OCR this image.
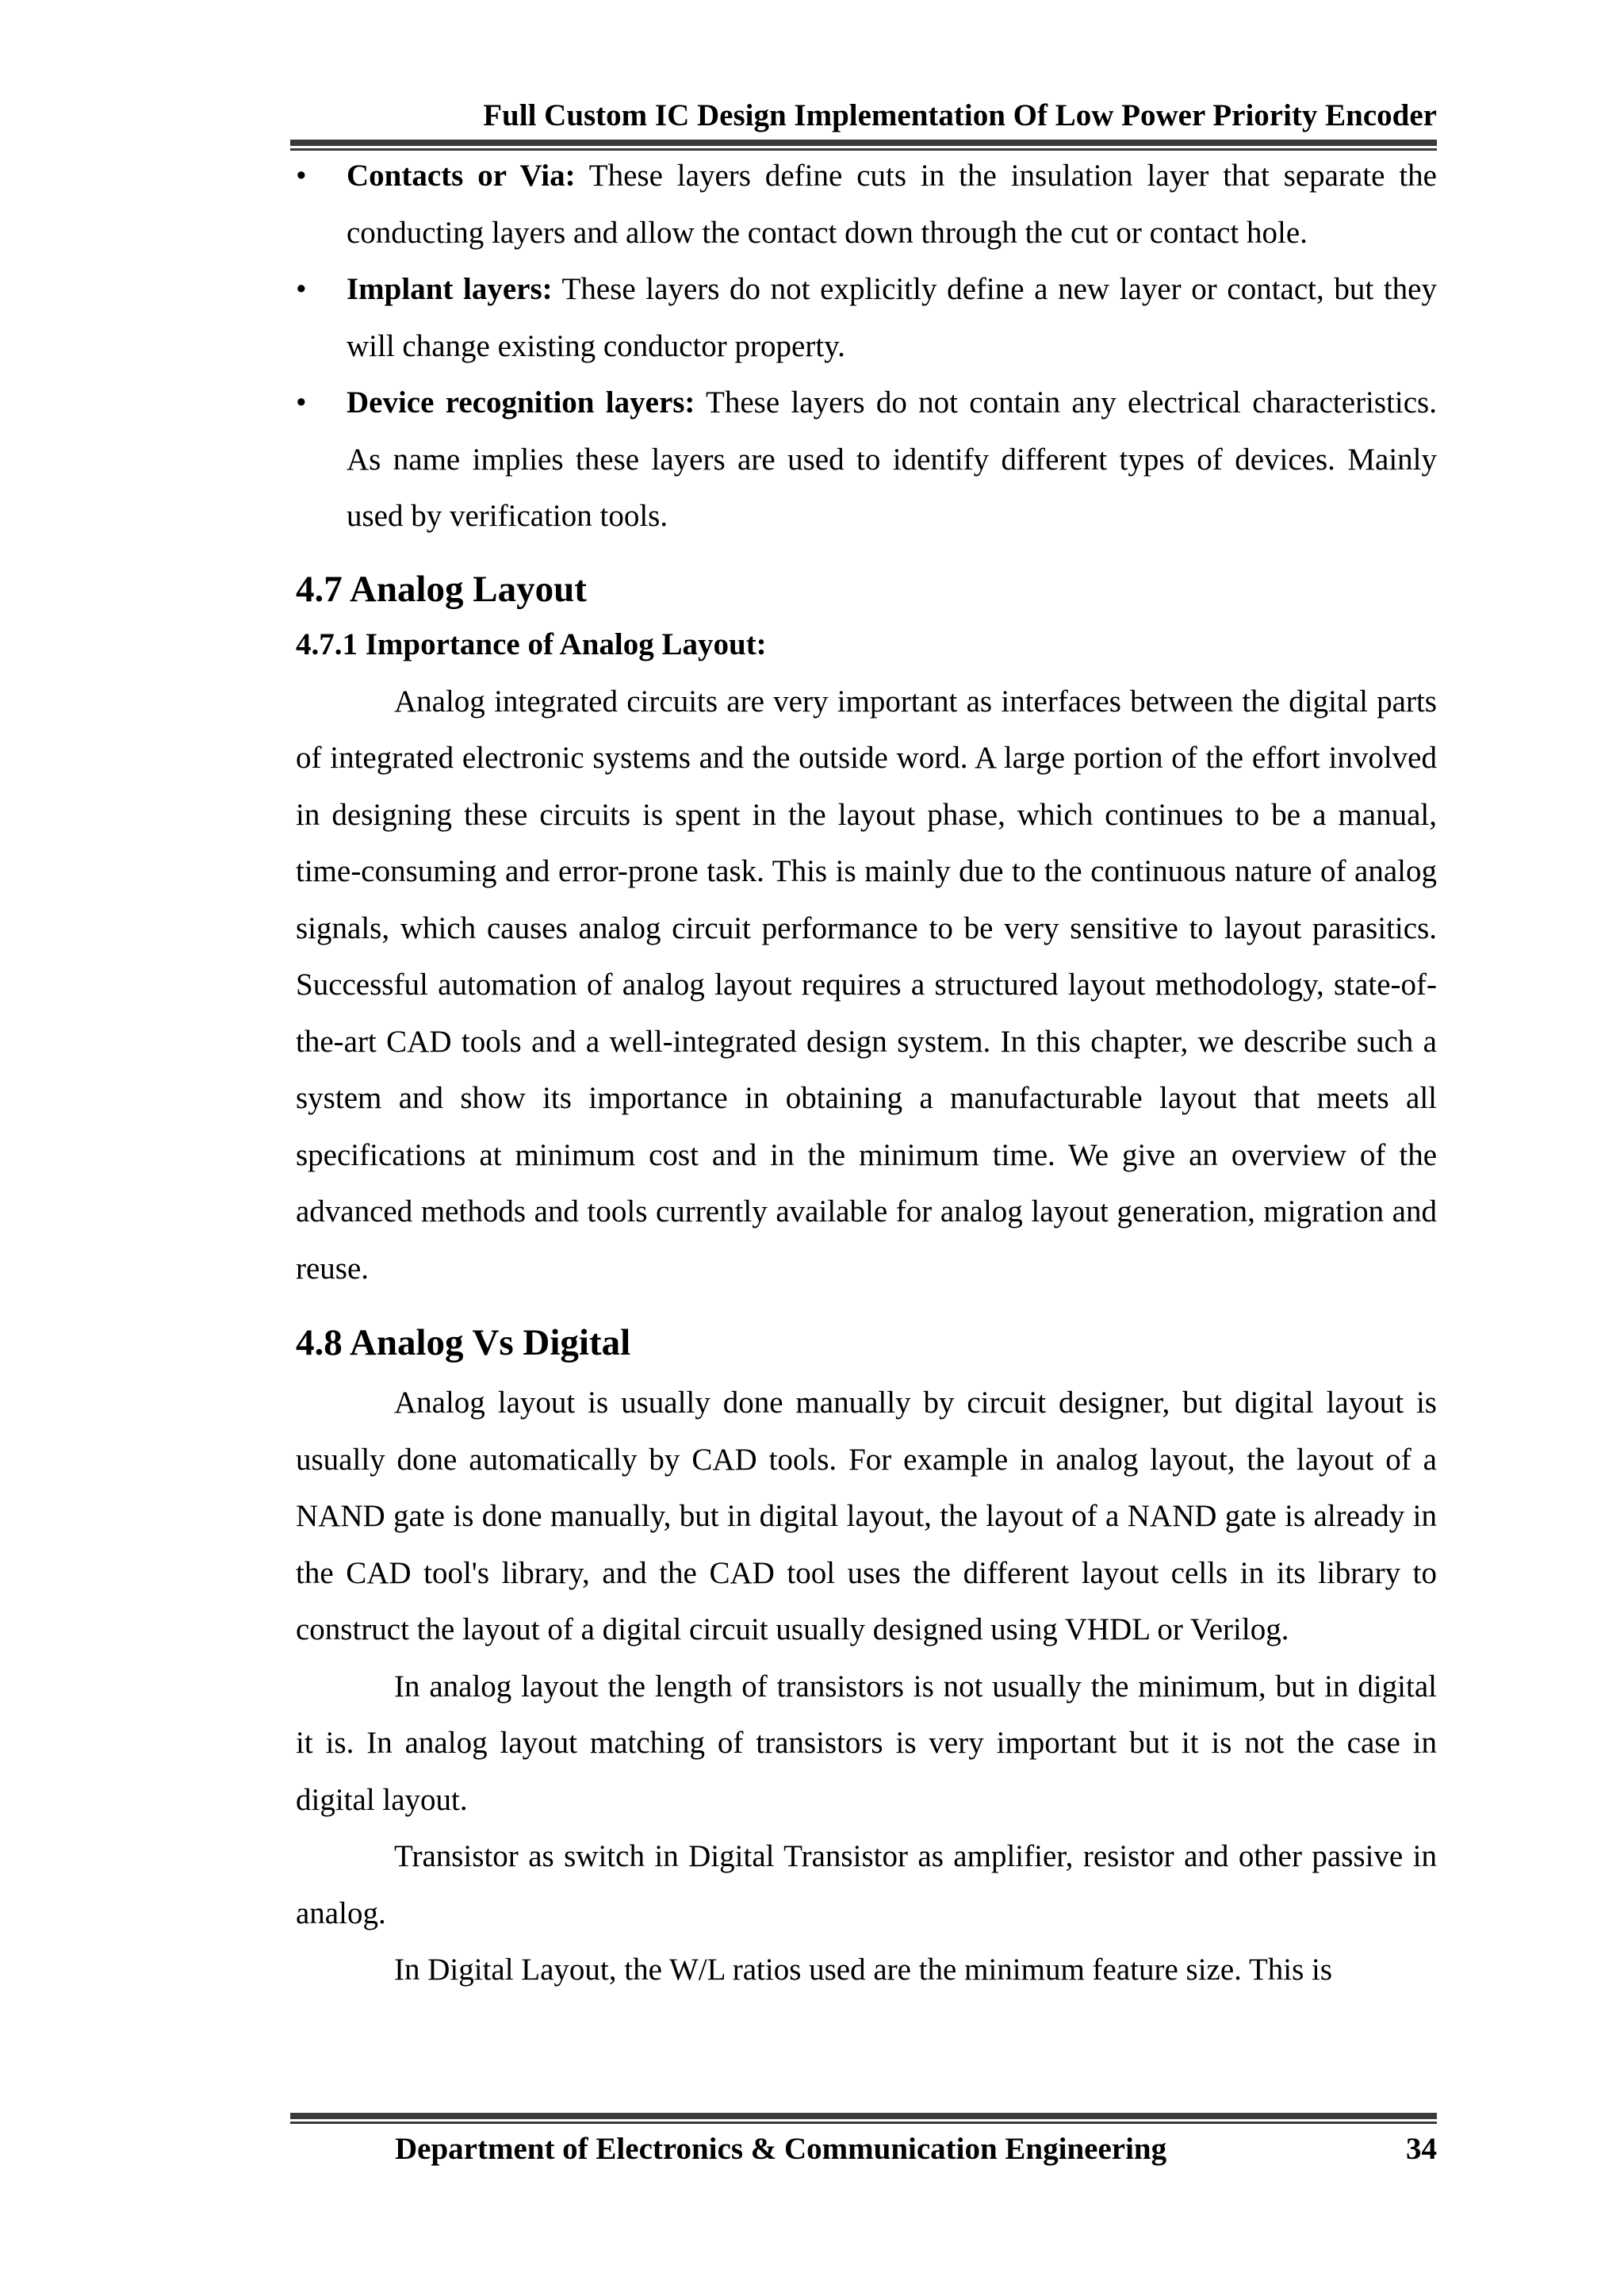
Full Custom IC Design Implementation Of Low Power Priority Encoder
• Contacts or Via: These layers define cuts in the insulation layer that separate the conducting layers and allow the contact down through the cut or contact hole.
• Implant layers: These layers do not explicitly define a new layer or contact, but they will change existing conductor property.
• Device recognition layers: These layers do not contain any electrical characteristics. As name implies these layers are used to identify different types of devices. Mainly used by verification tools.
4.7 Analog Layout
4.7.1 Importance of Analog Layout:

Analog integrated circuits are very important as interfaces between the digital parts of integrated electronic systems and the outside word. A large portion of the effort involved in designing these circuits is spent in the layout phase, which continues to be a manual, time-consuming and error-prone task. This is mainly due to the continuous nature of analog signals, which causes analog circuit performance to be very sensitive to layout parasitics. Successful automation of analog layout requires a structured layout methodology, state-of-the-art CAD tools and a well-integrated design system. In this chapter, we describe such a system and show its importance in obtaining a manufacturable layout that meets all specifications at minimum cost and in the minimum time. We give an overview of the advanced methods and tools currently available for analog layout generation, migration and reuse.

4.8 Analog Vs Digital

Analog layout is usually done manually by circuit designer, but digital layout is usually done automatically by CAD tools. For example in analog layout, the layout of a NAND gate is done manually, but in digital layout, the layout of a NAND gate is already in the CAD tool's library, and the CAD tool uses the different layout cells in its library to construct the layout of a digital circuit usually designed using VHDL or Verilog.

In analog layout the length of transistors is not usually the minimum, but in digital it is. In analog layout matching of transistors is very important but it is not the case in digital layout.

Transistor as switch in Digital Transistor as amplifier, resistor and other passive in analog.

In Digital Layout, the W/L ratios used are the minimum feature size. This is

Department of Electronics & Communication Engineering	34
